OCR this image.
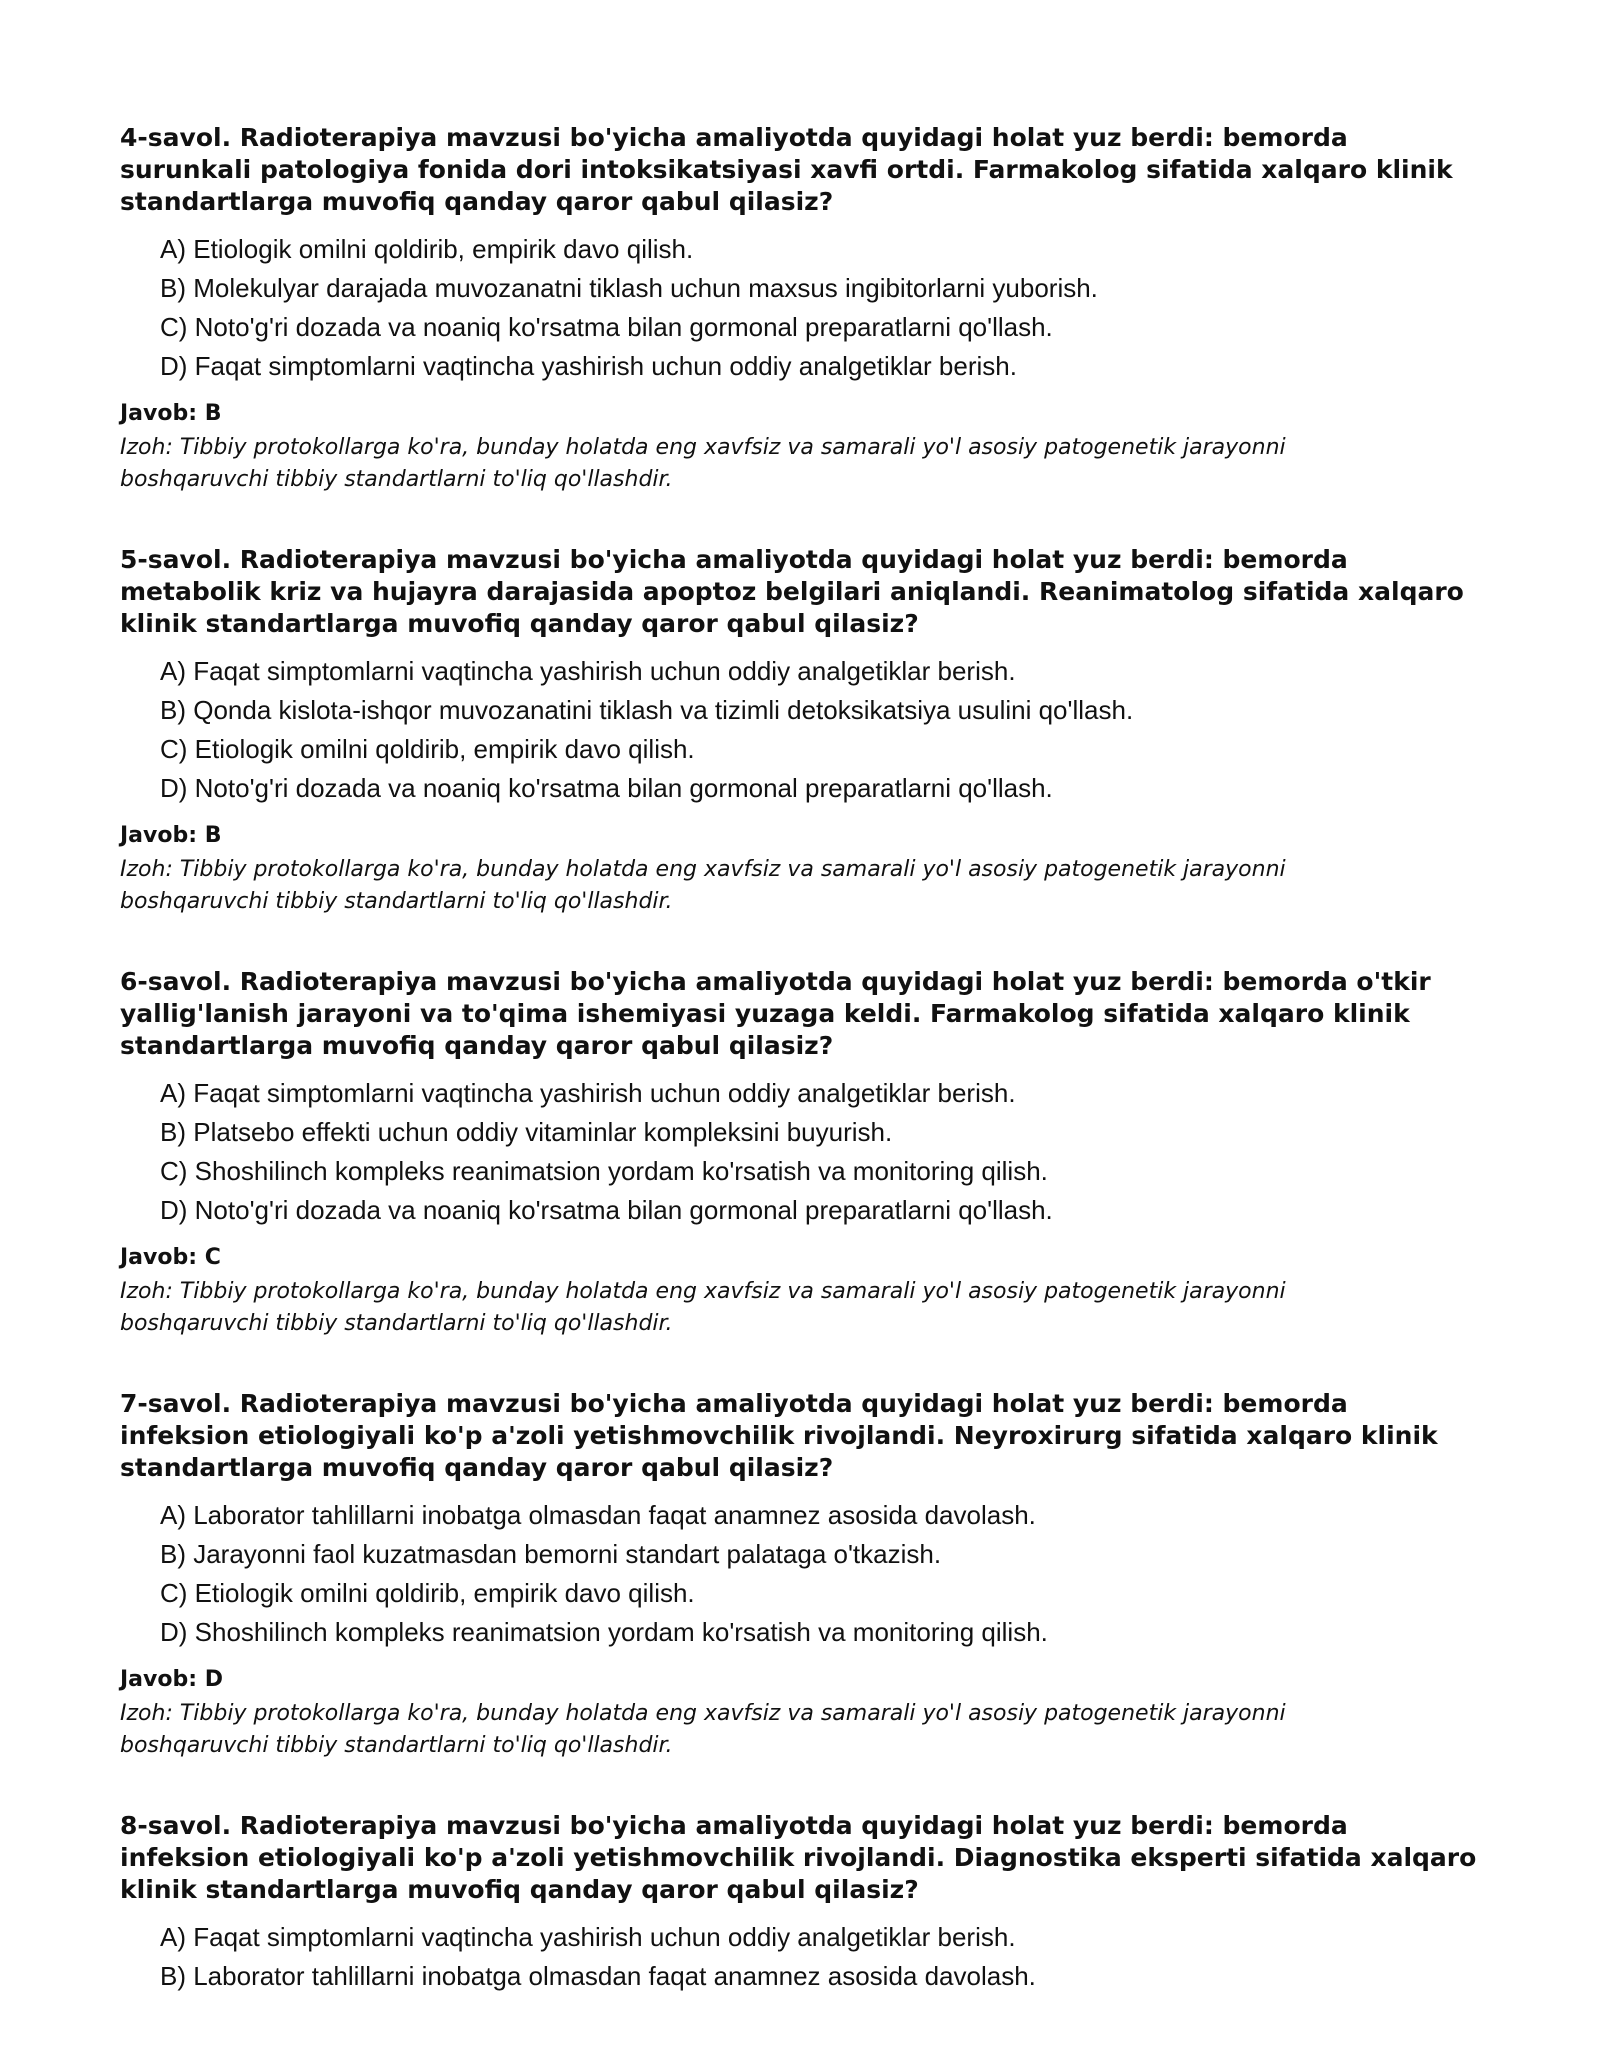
4-savol. Radioterapiya mavzusi bo'yicha amaliyotda quyidagi holat yuz berdi: bemorda surunkali patologiya fonida dori intoksikatsiyasi xavfi ortdi. Farmakolog sifatida xalqaro klinik standartlarga muvofiq qanday qaror qabul qilasiz?

A) Etiologik omilni qoldirib, empirik davo qilish.
B) Molekulyar darajada muvozanatni tiklash uchun maxsus ingibitorlarni yuborish.
C) Noto'g'ri dozada va noaniq ko'rsatma bilan gormonal preparatlarni qo'llash.
D) Faqat simptomlarni vaqtincha yashirish uchun oddiy analgetiklar berish.

Javob: B

Izoh: Tibbiy protokollarga ko'ra, bunday holatda eng xavfsiz va samarali yo'l asosiy patogenetik jarayonni boshqaruvchi tibbiy standartlarni to'liq qo'llashdir.

5-savol. Radioterapiya mavzusi bo'yicha amaliyotda quyidagi holat yuz berdi: bemorda metabolik kriz va hujayra darajasida apoptoz belgilari aniqlandi. Reanimatolog sifatida xalqaro klinik standartlarga muvofiq qanday qaror qabul qilasiz?

A) Faqat simptomlarni vaqtincha yashirish uchun oddiy analgetiklar berish.
B) Qonda kislota-ishqor muvozanatini tiklash va tizimli detoksikatsiya usulini qo'llash.
C) Etiologik omilni qoldirib, empirik davo qilish.
D) Noto'g'ri dozada va noaniq ko'rsatma bilan gormonal preparatlarni qo'llash.

Javob: B

Izoh: Tibbiy protokollarga ko'ra, bunday holatda eng xavfsiz va samarali yo'l asosiy patogenetik jarayonni boshqaruvchi tibbiy standartlarni to'liq qo'llashdir.

6-savol. Radioterapiya mavzusi bo'yicha amaliyotda quyidagi holat yuz berdi: bemorda o'tkir yallig'lanish jarayoni va to'qima ishemiyasi yuzaga keldi. Farmakolog sifatida xalqaro klinik standartlarga muvofiq qanday qaror qabul qilasiz?

A) Faqat simptomlarni vaqtincha yashirish uchun oddiy analgetiklar berish.
B) Platsebo effekti uchun oddiy vitaminlar kompleksini buyurish.
C) Shoshilinch kompleks reanimatsion yordam ko'rsatish va monitoring qilish.
D) Noto'g'ri dozada va noaniq ko'rsatma bilan gormonal preparatlarni qo'llash.

Javob: C

Izoh: Tibbiy protokollarga ko'ra, bunday holatda eng xavfsiz va samarali yo'l asosiy patogenetik jarayonni boshqaruvchi tibbiy standartlarni to'liq qo'llashdir.

7-savol. Radioterapiya mavzusi bo'yicha amaliyotda quyidagi holat yuz berdi: bemorda infeksion etiologiyali ko'p a'zoli yetishmovchilik rivojlandi. Neyroxirurg sifatida xalqaro klinik standartlarga muvofiq qanday qaror qabul qilasiz?

A) Laborator tahlillarni inobatga olmasdan faqat anamnez asosida davolash.
B) Jarayonni faol kuzatmasdan bemorni standart palataga o'tkazish.
C) Etiologik omilni qoldirib, empirik davo qilish.
D) Shoshilinch kompleks reanimatsion yordam ko'rsatish va monitoring qilish.

Javob: D

Izoh: Tibbiy protokollarga ko'ra, bunday holatda eng xavfsiz va samarali yo'l asosiy patogenetik jarayonni boshqaruvchi tibbiy standartlarni to'liq qo'llashdir.

8-savol. Radioterapiya mavzusi bo'yicha amaliyotda quyidagi holat yuz berdi: bemorda infeksion etiologiyali ko'p a'zoli yetishmovchilik rivojlandi. Diagnostika eksperti sifatida xalqaro klinik standartlarga muvofiq qanday qaror qabul qilasiz?

A) Faqat simptomlarni vaqtincha yashirish uchun oddiy analgetiklar berish.
B) Laborator tahlillarni inobatga olmasdan faqat anamnez asosida davolash.
